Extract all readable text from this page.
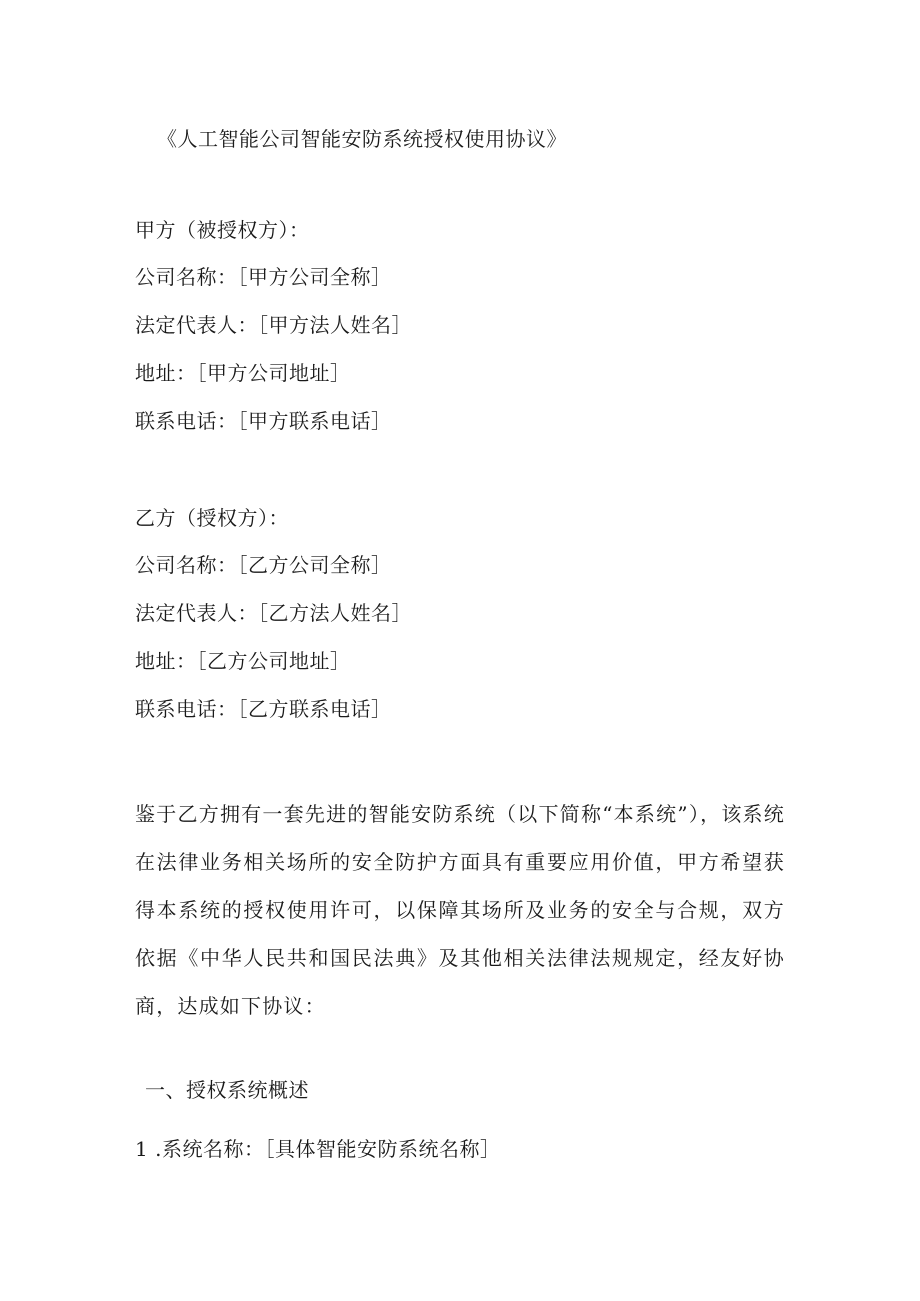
《人工智能公司智能安防系统授权使用协议》
甲方（被授权方）：
公司名称：［甲方公司全称］
法定代表人：［甲方法人姓名］
地址：［甲方公司地址］
联系电话：［甲方联系电话］
乙方（授权方）：
公司名称：［乙方公司全称］
法定代表人：［乙方法人姓名］
地址：［乙方公司地址］
联系电话：［乙方联系电话］

鉴于乙方拥有一套先进的智能安防系统（以下简称“本系统”），该系统在法律业务相关场所的安全防护方面具有重要应用价值，甲方希望获得本系统的授权使用许可，以保障其场所及业务的安全与合规，双方依据《中华人民共和国民法典》及其他相关法律法规规定，经友好协商，达成如下协议：

一、授权系统概述
1 .系统名称：［具体智能安防系统名称］
